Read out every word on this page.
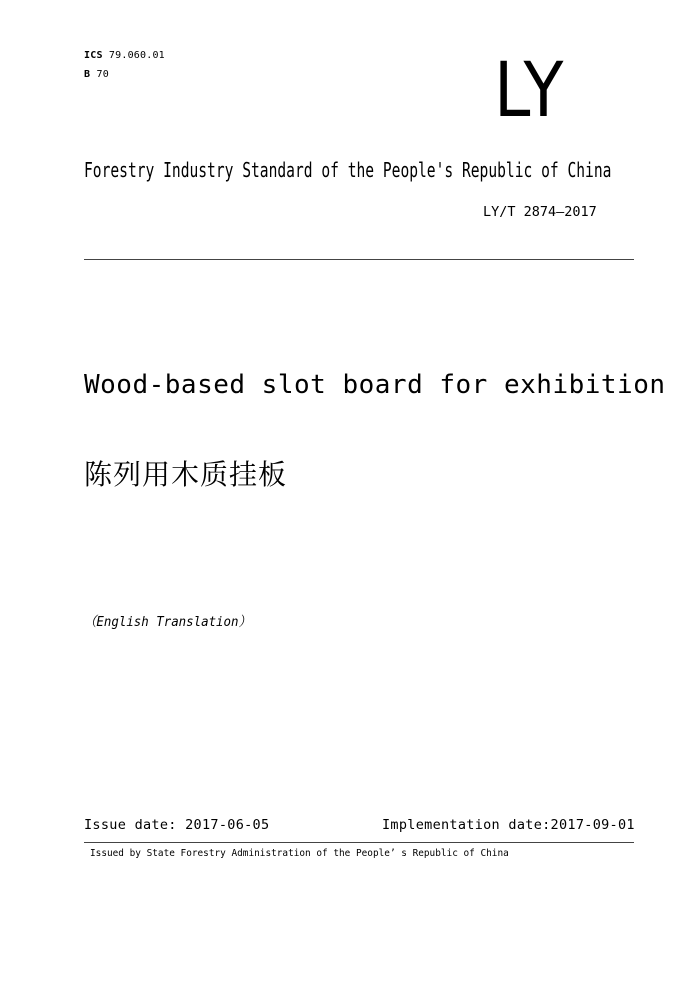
ICS 79.060.01
B 70	LY
Forestry Industry Standard of the People's Republic of China
LY/T 2874—2017
Wood-based slot board for exhibition
陈列用木质挂板
（English Translation）
Issue date: 2017-06-05	Implementation date:2017-09-01
Issued by State Forestry Administration of the People’ s Republic of China
